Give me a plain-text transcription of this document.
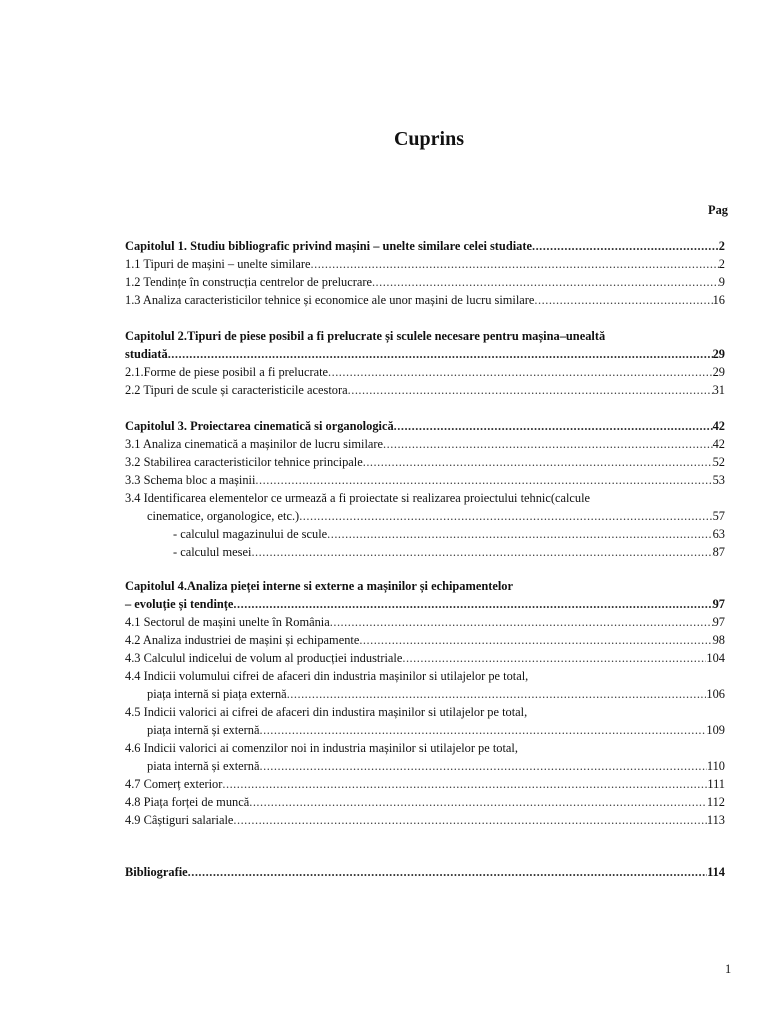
Cuprins
Pag
Capitolul 1. Studiu bibliografic privind mașini – unelte similare celei studiate .....	2
1.1 Tipuri de mașini – unelte similare .....	2
1.2 Tendințe în construcția centrelor de prelucrare .....	9
1.3 Analiza caracteristicilor tehnice și economice ale unor mașini de lucru similare .....	16
Capitolul 2.Tipuri de piese posibil a fi prelucrate și sculele necesare pentru mașina–unealtă
studiată .....	29
2.1.Forme de piese posibil a fi prelucrate .....	29
2.2 Tipuri de scule și caracteristicile acestora .....	31
Capitolul 3. Proiectarea cinematică si organologică .....	42
3.1 Analiza cinematică a mașinilor de lucru similare .....	42
3.2 Stabilirea caracteristicilor tehnice principale .....	52
3.3 Schema bloc a mașinii .....	53
3.4 Identificarea elementelor ce urmează a fi proiectate si realizarea proiectului tehnic(calcule
cinematice, organologice, etc.) .....	57
- calculul magazinului de scule .....	63
- calculul mesei .....	87
Capitolul 4.Analiza pieței interne si externe a mașinilor și echipamentelor
– evoluție și tendințe .....	97
4.1 Sectorul de mașini unelte în România .....	97
4.2 Analiza industriei de mașini și echipamente .....	98
4.3 Calculul indicelui de volum al producției industriale .....	104
4.4 Indicii volumului cifrei de afaceri din industria mașinilor si utilajelor pe total,
piața internă si piața externă .....	106
4.5 Indicii valorici ai cifrei de afaceri din industira mașinilor si utilajelor pe total,
piața internă și externă .....	109
4.6 Indicii valorici ai comenzilor noi in industria mașinilor si utilajelor pe total,
piata internă și externă .....	110
4.7 Comerț exterior .....	111
4.8 Piața forței de muncă .....	112
4.9 Câștiguri salariale .....	113
Bibliografie .....	114
1
